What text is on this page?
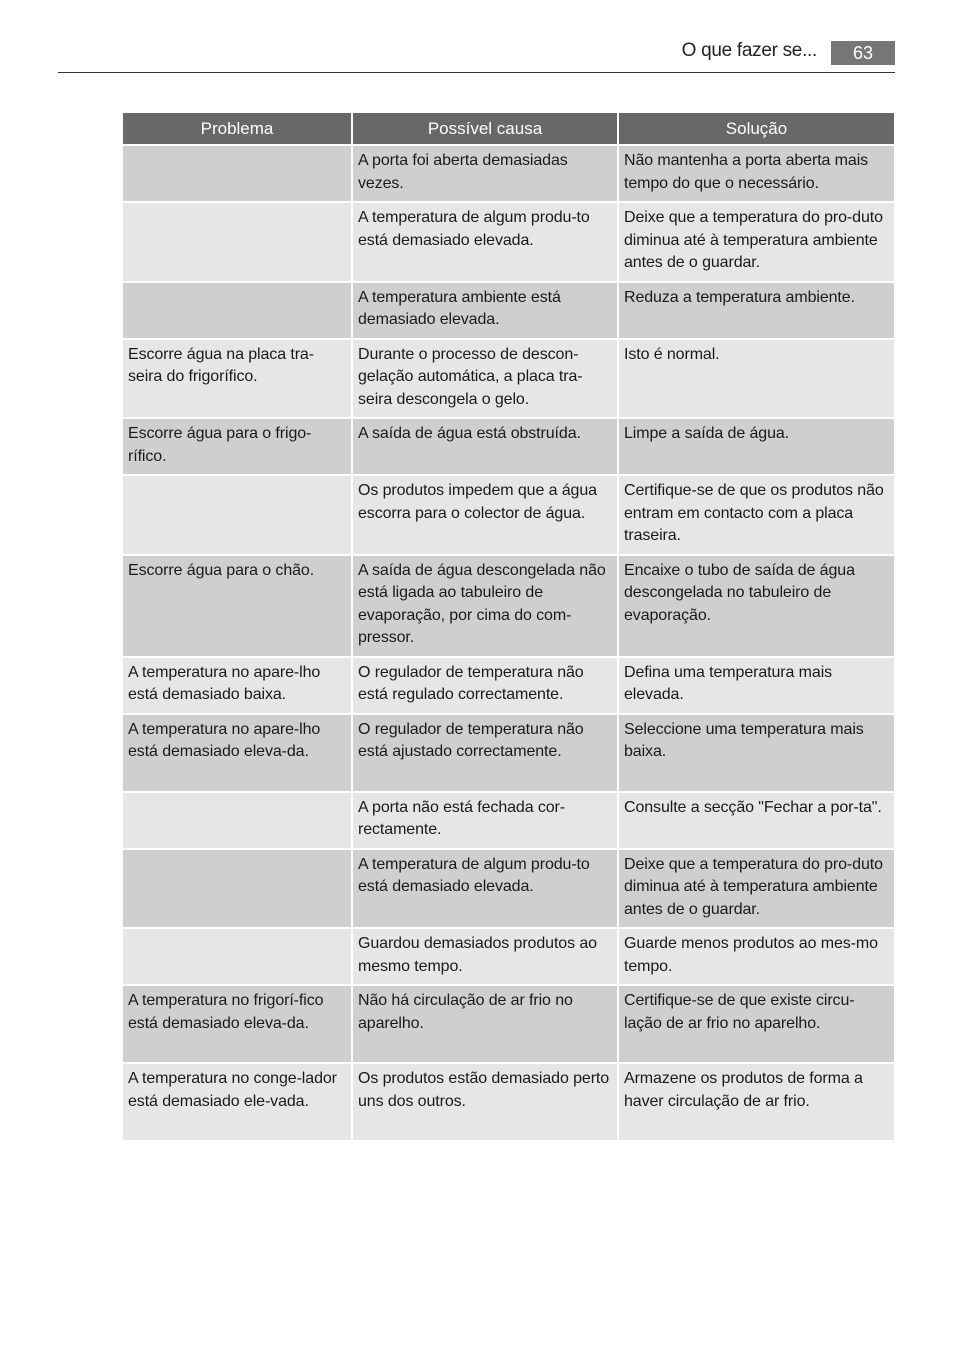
O que fazer se...	63
Problema	Possível causa	Solução
	A porta foi aberta demasiadas vezes.	Não mantenha a porta aberta mais tempo do que o necessário.
	A temperatura de algum produ-to está demasiado elevada.	Deixe que a temperatura do pro-duto diminua até à temperatura ambiente antes de o guardar.
	A temperatura ambiente está demasiado elevada.	Reduza a temperatura ambiente.
Escorre água na placa tra-seira do frigorífico.	Durante o processo de descon-gelação automática, a placa tra-seira descongela o gelo.	Isto é normal.
Escorre água para o frigo-rífico.	A saída de água está obstruída.	Limpe a saída de água.
	Os produtos impedem que a água escorra para o colector de água.	Certifique-se de que os produtos não entram em contacto com a placa traseira.
Escorre água para o chão.	A saída de água descongelada não está ligada ao tabuleiro de evaporação, por cima do com-pressor.	Encaixe o tubo de saída de água descongelada no tabuleiro de evaporação.
A temperatura no apare-lho está demasiado baixa.	O regulador de temperatura não está regulado correctamente.	Defina uma temperatura mais elevada.
A temperatura no apare-lho está demasiado eleva-da.	O regulador de temperatura não está ajustado correctamente.	Seleccione uma temperatura mais baixa.
	A porta não está fechada cor-rectamente.	Consulte a secção "Fechar a por-ta".
	A temperatura de algum produ-to está demasiado elevada.	Deixe que a temperatura do pro-duto diminua até à temperatura ambiente antes de o guardar.
	Guardou demasiados produtos ao mesmo tempo.	Guarde menos produtos ao mes-mo tempo.
A temperatura no frigorí-fico está demasiado eleva-da.	Não há circulação de ar frio no aparelho.	Certifique-se de que existe circu-lação de ar frio no aparelho.
A temperatura no conge-lador está demasiado ele-vada.	Os produtos estão demasiado perto uns dos outros.	Armazene os produtos de forma a haver circulação de ar frio.
